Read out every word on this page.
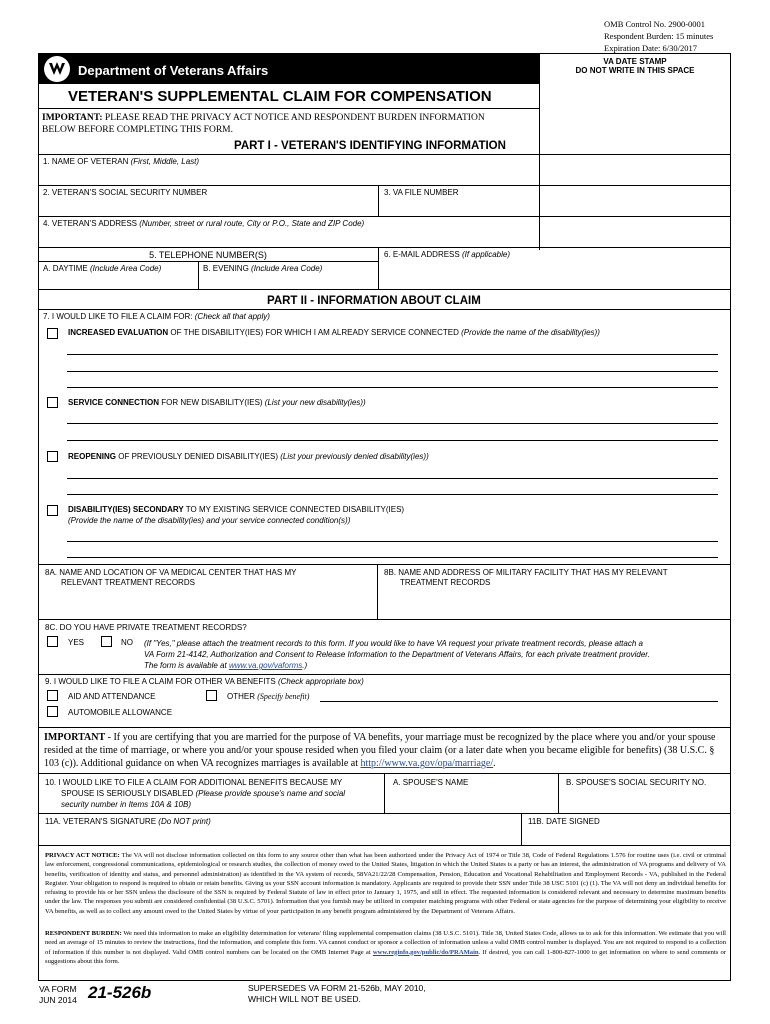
OMB Control No. 2900-0001
Respondent Burden: 15 minutes
Expiration Date: 6/30/2017
Department of Veterans Affairs
VA DATE STAMP
DO NOT WRITE IN THIS SPACE
VETERAN'S SUPPLEMENTAL CLAIM FOR COMPENSATION
IMPORTANT: PLEASE READ THE PRIVACY ACT NOTICE AND RESPONDENT BURDEN INFORMATION
BELOW BEFORE COMPLETING THIS FORM.
PART I - VETERAN'S IDENTIFYING INFORMATION
1. NAME OF VETERAN (First, Middle, Last)
2. VETERAN'S SOCIAL SECURITY NUMBER	3. VA FILE NUMBER
4. VETERAN'S ADDRESS (Number, street or rural route, City or P.O., State and ZIP Code)
5. TELEPHONE NUMBER(S)
A. DAYTIME (Include Area Code)	B. EVENING (Include Area Code)
6. E-MAIL ADDRESS (If applicable)
PART II - INFORMATION ABOUT CLAIM
7. I WOULD LIKE TO FILE A CLAIM FOR: (Check all that apply)
INCREASED EVALUATION OF THE DISABILITY(IES) FOR WHICH I AM ALREADY SERVICE CONNECTED (Provide the name of the disability(ies))
SERVICE CONNECTION FOR NEW DISABILITY(IES) (List your new disability(ies))
REOPENING OF PREVIOUSLY DENIED DISABILITY(IES) (List your previously denied disability(ies))
DISABILITY(IES) SECONDARY TO MY EXISTING SERVICE CONNECTED DISABILITY(IES)
(Provide the name of the disability(ies) and your service connected condition(s))
8A. NAME AND LOCATION OF VA MEDICAL CENTER THAT HAS MY
RELEVANT TREATMENT RECORDS
8B. NAME AND ADDRESS OF MILITARY FACILITY THAT HAS MY RELEVANT
TREATMENT RECORDS
8C. DO YOU HAVE PRIVATE TREATMENT RECORDS?
YES	NO (If "Yes," please attach the treatment records to this form. If you would like to have VA request your private treatment records, please attach a
VA Form 21-4142, Authorization and Consent to Release Information to the Department of Veterans Affairs, for each private treatment provider.
The form is available at www.va.gov/vaforms.)
9. I WOULD LIKE TO FILE A CLAIM FOR OTHER VA BENEFITS (Check appropriate box)
AID AND ATTENDANCE	OTHER (Specify benefit)
AUTOMOBILE ALLOWANCE
IMPORTANT - If you are certifying that you are married for the purpose of VA benefits, your marriage must be recognized by the place where you and/or your spouse
resided at the time of marriage, or where you and/or your spouse resided when you filed your claim (or a later date when you became eligible for benefits) (38 U.S.C. §
103 (c)). Additional guidance on when VA recognizes marriages is available at http://www.va.gov/opa/marriage/.
10. I WOULD LIKE TO FILE A CLAIM FOR ADDITIONAL BENEFITS BECAUSE MY
SPOUSE IS SERIOUSLY DISABLED (Please provide spouse's name and social
security number in Items 10A & 10B)
A. SPOUSE'S NAME	B. SPOUSE'S SOCIAL SECURITY NO.
11A. VETERAN'S SIGNATURE (Do NOT print)	11B. DATE SIGNED
PRIVACY ACT NOTICE: The VA will not disclose information collected on this form to any source other than what has been authorized under the Privacy Act of 1974 or Title 38, Code of Federal Regulations 1.576 for routine uses (i.e. civil or criminal law enforcement, congressional communications, epidemiological or research studies, the collection of money owed to the United States, litigation in which the United States is a party or has an interest, the administration of VA programs and delivery of VA benefits, verification of identity and status, and personnel administration) as identified in the VA system of records, 58VA21/22/28 Compensation, Pension, Education and Vocational Rehabilitation and Employment Records - VA, published in the Federal Register. Your obligation to respond is required to obtain or retain benefits. Giving us your SSN account information is mandatory. Applicants are required to provide their SSN under Title 38 USC 5101 (c) (1). The VA will not deny an individual benefits for refusing to provide his or her SSN unless the disclosure of the SSN is required by Federal Statute of law in effect prior to January 1, 1975, and still in effect. The requested information is considered relevant and necessary to determine maximum benefits under the law. The responses you submit are considered confidential (38 U.S.C. 5701). Information that you furnish may be utilized in computer matching programs with other Federal or state agencies for the purpose of determining your eligibility to receive VA benefits, as well as to collect any amount owed to the United States by virtue of your participation in any benefit program administered by the Department of Veterans Affairs.
RESPONDENT BURDEN: We need this information to make an eligibility determination for veterans' filing supplemental compensation claims (38 U.S.C. 5101). Title 38, United States Code, allows us to ask for this information. We estimate that you will need an average of 15 minutes to review the instructions, find the information, and complete this form. VA cannot conduct or sponsor a collection of information unless a valid OMB control number is displayed. You are not required to respond to a collection of information if this number is not displayed. Valid OMB control numbers can be located on the OMB Internet Page at www.reginfo.gov/public/do/PRAMain. If desired, you can call 1-800-827-1000 to get information on where to send comments or suggestions about this form.
VA FORM
JUN 2014 21-526b	SUPERSEDES VA FORM 21-526b, MAY 2010,
WHICH WILL NOT BE USED.
